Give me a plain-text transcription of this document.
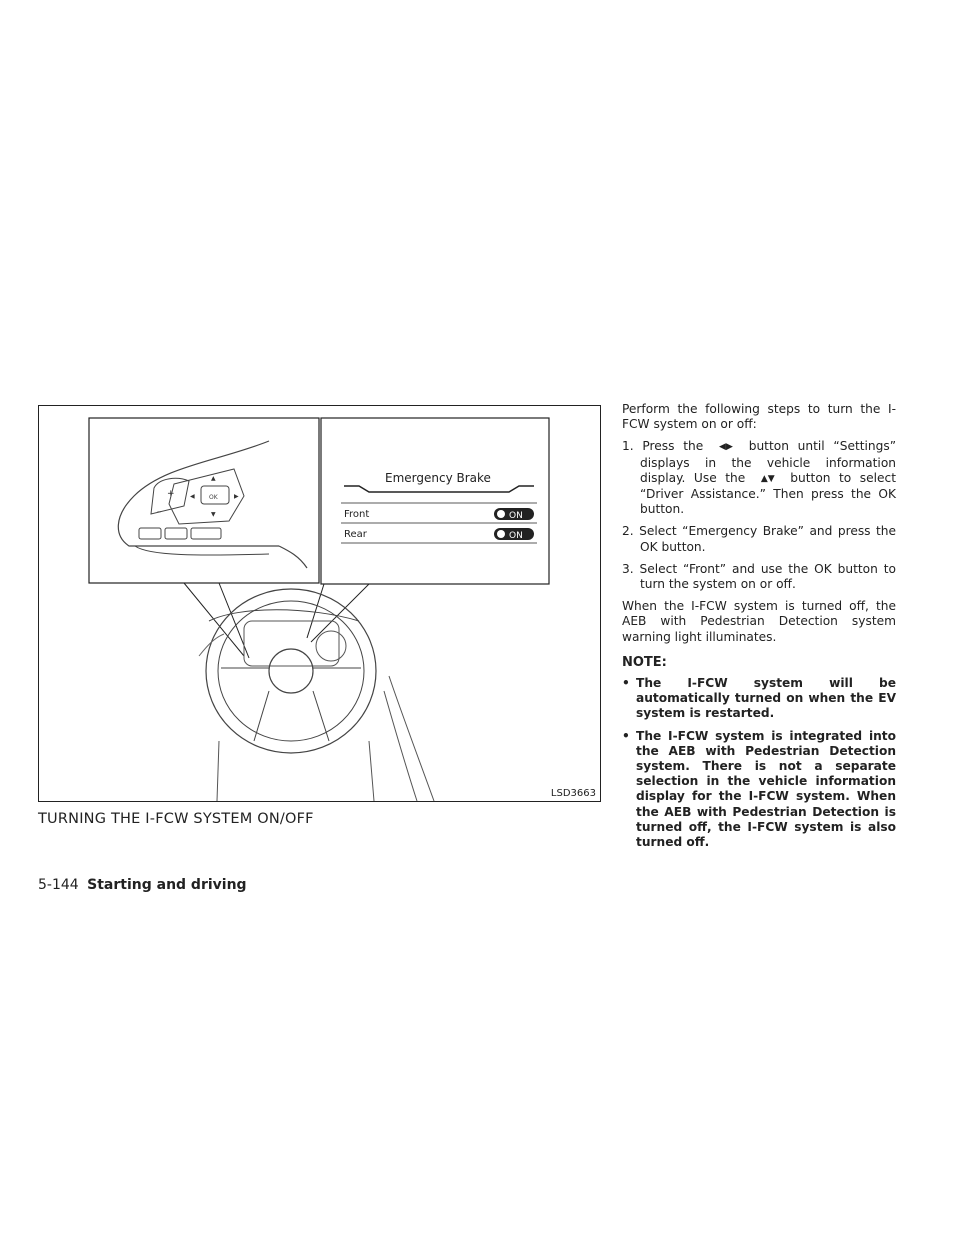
+
–
OK
◀	▶
▲
▼
Emergency Brake
Front	ON
Rear	ON
LSD3663
TURNING THE I-FCW SYSTEM ON/OFF
5-144 Starting and driving

Perform the following steps to turn the I-FCW system on or off:

1. Press the ◀▶ button until “Settings” displays in the vehicle information display. Use the ▲▼ button to select “Driver Assistance.” Then press the OK button.
2. Select “Emergency Brake” and press the OK button.
3. Select “Front” and use the OK button to turn the system on or off.

When the I-FCW system is turned off, the AEB with Pedestrian Detection system warning light illuminates.

NOTE:
• The I-FCW system will be automatically turned on when the EV system is restarted.
• The I-FCW system is integrated into the AEB with Pedestrian Detection system. There is not a separate selection in the vehicle information display for the I-FCW system. When the AEB with Pedestrian Detection is turned off, the I-FCW system is also turned off.
